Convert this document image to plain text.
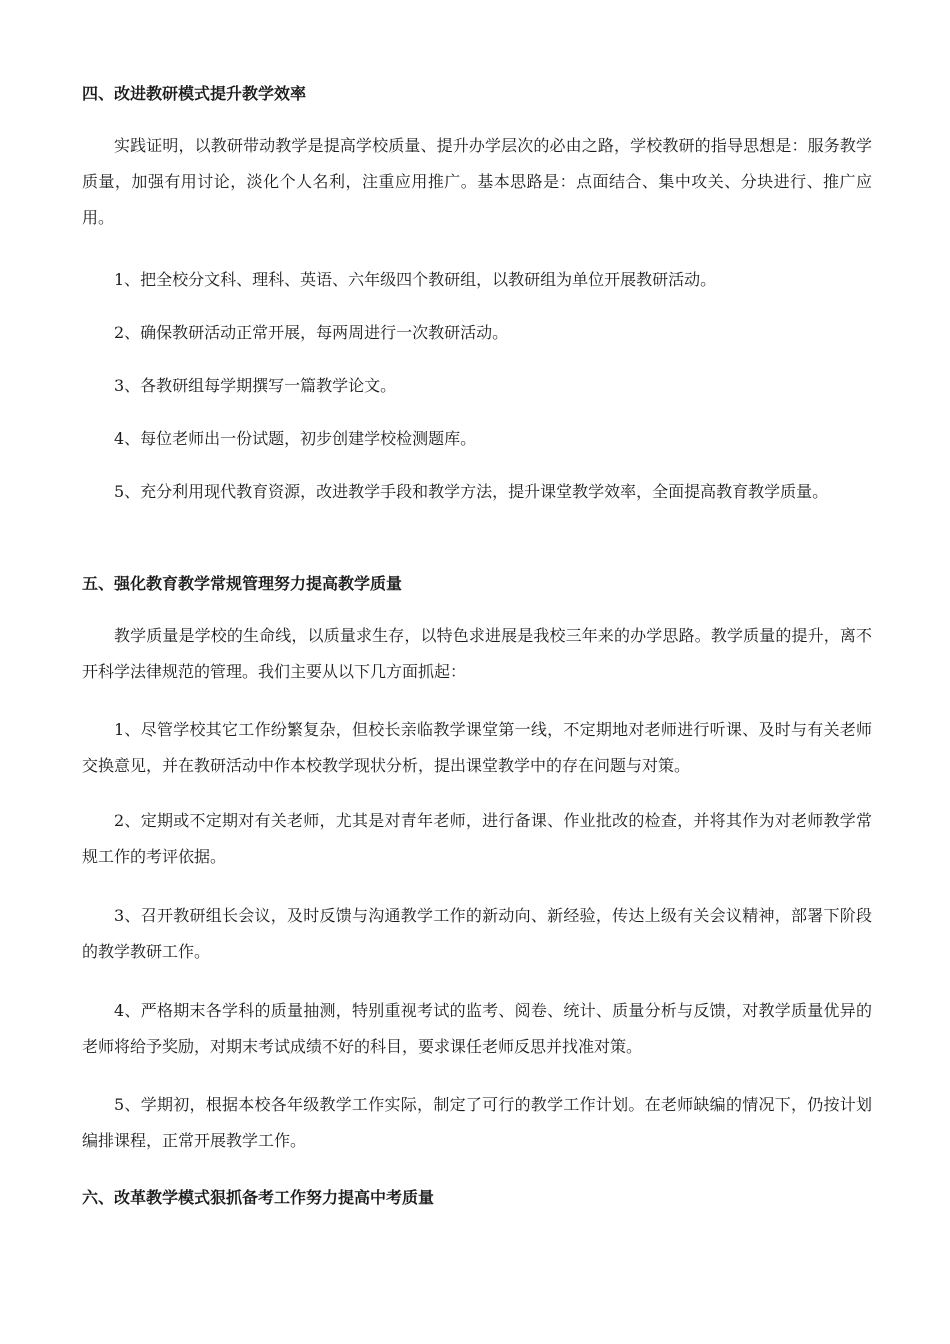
四、改进教研模式提升教学效率

实践证明，以教研带动教学是提高学校质量、提升办学层次的必由之路，学校教研的指导思想是：服务教学质量，加强有用讨论，淡化个人名利，注重应用推广。基本思路是：点面结合、集中攻关、分块进行、推广应用。

1、把全校分文科、理科、英语、六年级四个教研组，以教研组为单位开展教研活动。

2、确保教研活动正常开展，每两周进行一次教研活动。

3、各教研组每学期撰写一篇教学论文。

4、每位老师出一份试题，初步创建学校检测题库。

5、充分利用现代教育资源，改进教学手段和教学方法，提升课堂教学效率，全面提高教育教学质量。

五、强化教育教学常规管理努力提高教学质量

教学质量是学校的生命线，以质量求生存，以特色求进展是我校三年来的办学思路。教学质量的提升，离不开科学法律规范的管理。我们主要从以下几方面抓起：

1、尽管学校其它工作纷繁复杂，但校长亲临教学课堂第一线，不定期地对老师进行听课、及时与有关老师交换意见，并在教研活动中作本校教学现状分析，提出课堂教学中的存在问题与对策。

2、定期或不定期对有关老师，尤其是对青年老师，进行备课、作业批改的检查，并将其作为对老师教学常规工作的考评依据。

3、召开教研组长会议，及时反馈与沟通教学工作的新动向、新经验，传达上级有关会议精神，部署下阶段的教学教研工作。

4、严格期末各学科的质量抽测，特别重视考试的监考、阅卷、统计、质量分析与反馈，对教学质量优异的老师将给予奖励，对期末考试成绩不好的科目，要求课任老师反思并找准对策。

5、学期初，根据本校各年级教学工作实际，制定了可行的教学工作计划。在老师缺编的情况下，仍按计划编排课程，正常开展教学工作。

六、改革教学模式狠抓备考工作努力提高中考质量
